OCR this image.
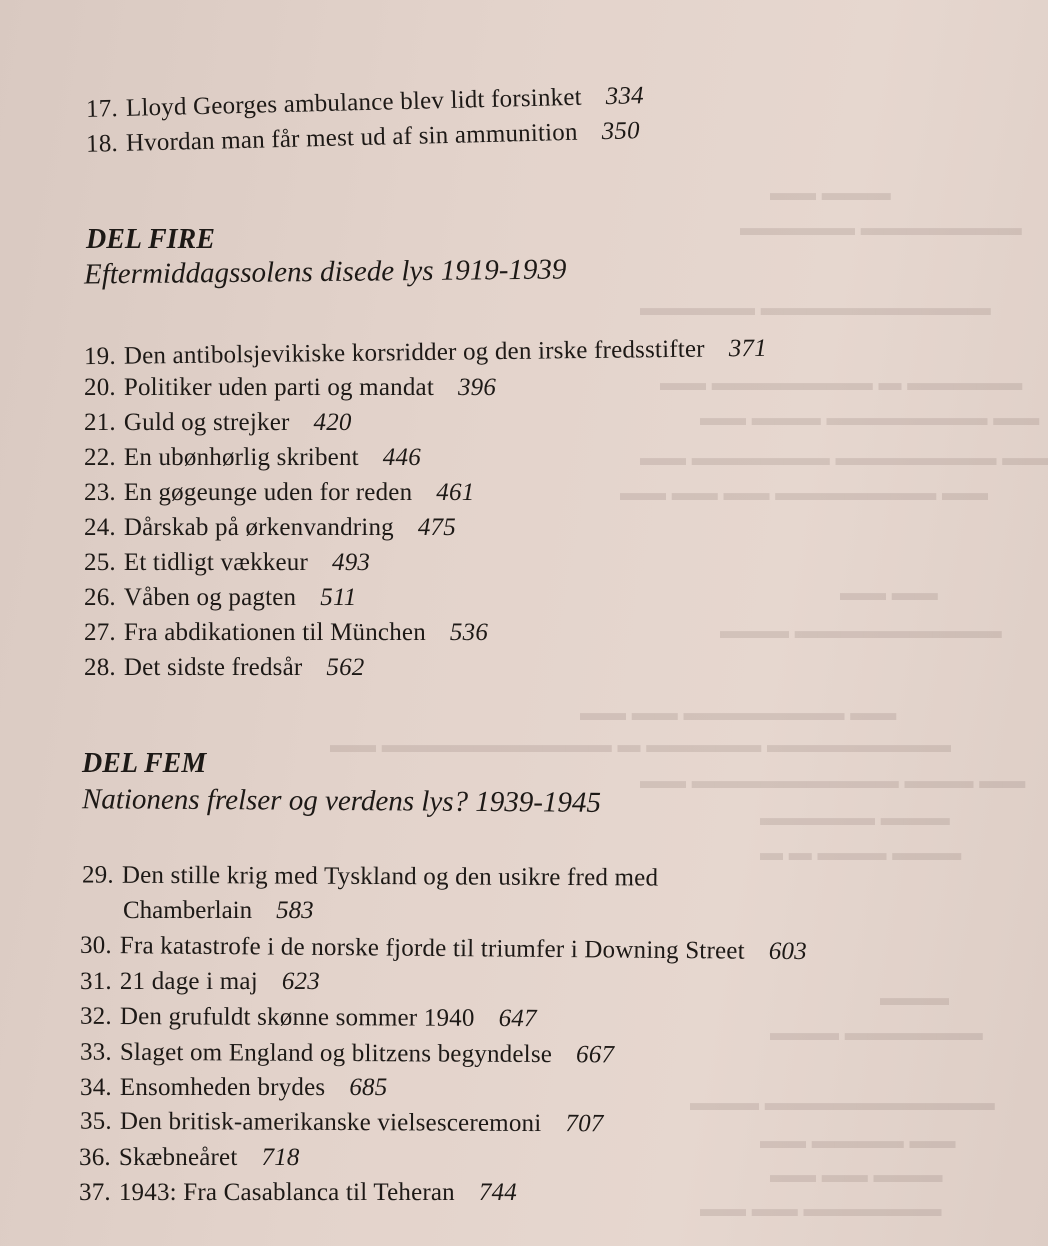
▬▬▬ ▬▬
▬▬▬▬▬▬▬ ▬▬▬▬▬
▬▬▬▬▬▬▬▬▬▬ ▬▬▬▬▬
▬▬▬▬▬ ▬ ▬▬▬▬▬▬▬ ▬▬
▬▬ ▬▬▬▬▬▬▬ ▬▬▬ ▬▬
▬▬ ▬▬▬▬▬▬▬ ▬▬▬▬▬▬ ▬▬
▬▬ ▬▬▬▬▬▬▬ ▬▬ ▬▬ ▬▬
▬▬ ▬▬
▬▬▬▬▬▬▬▬▬ ▬▬▬
▬▬ ▬▬▬▬▬▬▬ ▬▬ ▬▬
▬▬▬▬▬▬▬▬ ▬▬▬▬▬ ▬ ▬▬▬▬▬▬▬▬▬▬ ▬▬
▬▬ ▬▬▬ ▬▬▬▬▬▬▬▬▬ ▬▬
▬▬▬ ▬▬▬▬▬
▬▬▬ ▬▬▬ ▬ ▬
▬▬▬
▬▬▬▬▬▬ ▬▬▬
▬▬▬▬▬▬▬▬▬▬ ▬▬▬
▬▬ ▬▬▬▬ ▬▬
▬▬▬ ▬▬ ▬▬
▬▬▬▬▬▬ ▬▬ ▬▬
17. Lloyd Georges ambulance blev lidt forsinket 334
18. Hvordan man får mest ud af sin ammunition 350
DEL FIRE
Eftermiddagssolens disede lys 1919-1939
19. Den antibolsjevikiske korsridder og den irske fredsstifter 371
20. Politiker uden parti og mandat 396
21. Guld og strejker 420
22. En ubønhørlig skribent 446
23. En gøgeunge uden for reden 461
24. Dårskab på ørkenvandring 475
25. Et tidligt vækkeur 493
26. Våben og pagten 511
27. Fra abdikationen til München 536
28. Det sidste fredsår 562
DEL FEM
Nationens frelser og verdens lys? 1939-1945
29. Den stille krig med Tyskland og den usikre fred med
Chamberlain 583
30. Fra katastrofe i de norske fjorde til triumfer i Downing Street 603
31. 21 dage i maj 623
32. Den grufuldt skønne sommer 1940 647
33. Slaget om England og blitzens begyndelse 667
34. Ensomheden brydes 685
35. Den britisk-amerikanske vielsesceremoni 707
36. Skæbneåret 718
37. 1943: Fra Casablanca til Teheran 744
